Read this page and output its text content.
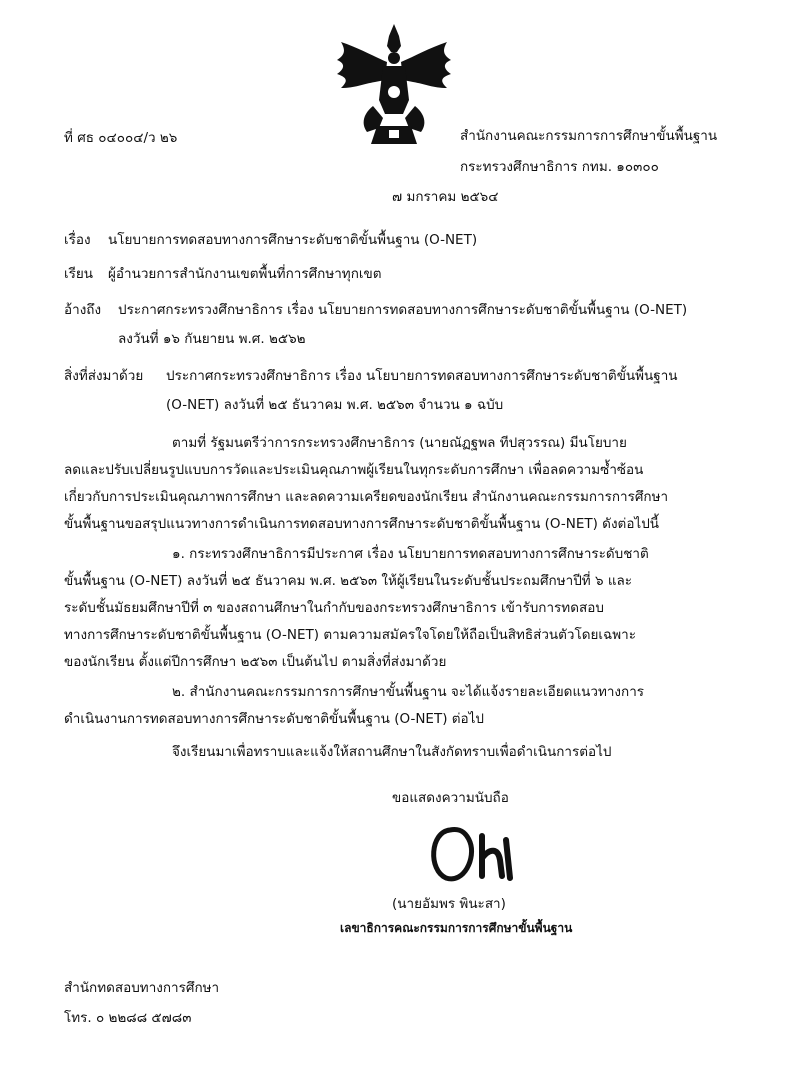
ที่ ศธ ๐๔๐๐๔/ว ๒๖	สำนักงานคณะกรรมการการศึกษาขั้นพื้นฐาน
กระทรวงศึกษาธิการ กทม. ๑๐๓๐๐
๗ มกราคม ๒๕๖๔
เรื่อง นโยบายการทดสอบทางการศึกษาระดับชาติขั้นพื้นฐาน (O-NET)
เรียน ผู้อำนวยการสำนักงานเขตพื้นที่การศึกษาทุกเขต
อ้างถึง ประกาศกระทรวงศึกษาธิการ เรื่อง นโยบายการทดสอบทางการศึกษาระดับชาติขั้นพื้นฐาน (O-NET)
ลงวันที่ ๑๖ กันยายน พ.ศ. ๒๕๖๒
สิ่งที่ส่งมาด้วย ประกาศกระทรวงศึกษาธิการ เรื่อง นโยบายการทดสอบทางการศึกษาระดับชาติขั้นพื้นฐาน
(O-NET) ลงวันที่ ๒๕ ธันวาคม พ.ศ. ๒๕๖๓ จำนวน ๑ ฉบับ
ตามที่ รัฐมนตรีว่าการกระทรวงศึกษาธิการ (นายณัฏฐพล ทีปสุวรรณ) มีนโยบาย
ลดและปรับเปลี่ยนรูปแบบการวัดและประเมินคุณภาพผู้เรียนในทุกระดับการศึกษา เพื่อลดความซ้ำซ้อน
เกี่ยวกับการประเมินคุณภาพการศึกษา และลดความเครียดของนักเรียน สำนักงานคณะกรรมการการศึกษา
ขั้นพื้นฐานขอสรุปแนวทางการดำเนินการทดสอบทางการศึกษาระดับชาติขั้นพื้นฐาน (O-NET) ดังต่อไปนี้
๑. กระทรวงศึกษาธิการมีประกาศ เรื่อง นโยบายการทดสอบทางการศึกษาระดับชาติ
ขั้นพื้นฐาน (O-NET) ลงวันที่ ๒๕ ธันวาคม พ.ศ. ๒๕๖๓ ให้ผู้เรียนในระดับชั้นประถมศึกษาปีที่ ๖ และ
ระดับชั้นมัธยมศึกษาปีที่ ๓ ของสถานศึกษาในกำกับของกระทรวงศึกษาธิการ เข้ารับการทดสอบ
ทางการศึกษาระดับชาติขั้นพื้นฐาน (O-NET) ตามความสมัครใจโดยให้ถือเป็นสิทธิส่วนตัวโดยเฉพาะ
ของนักเรียน ตั้งแต่ปีการศึกษา ๒๕๖๓ เป็นต้นไป ตามสิ่งที่ส่งมาด้วย
๒. สำนักงานคณะกรรมการการศึกษาขั้นพื้นฐาน จะได้แจ้งรายละเอียดแนวทางการ
ดำเนินงานการทดสอบทางการศึกษาระดับชาติขั้นพื้นฐาน (O-NET) ต่อไป
จึงเรียนมาเพื่อทราบและแจ้งให้สถานศึกษาในสังกัดทราบเพื่อดำเนินการต่อไป
ขอแสดงความนับถือ
(นายอัมพร พินะสา)
เลขาธิการคณะกรรมการการศึกษาขั้นพื้นฐาน
สำนักทดสอบทางการศึกษา
โทร. ๐ ๒๒๘๘ ๕๗๘๓
